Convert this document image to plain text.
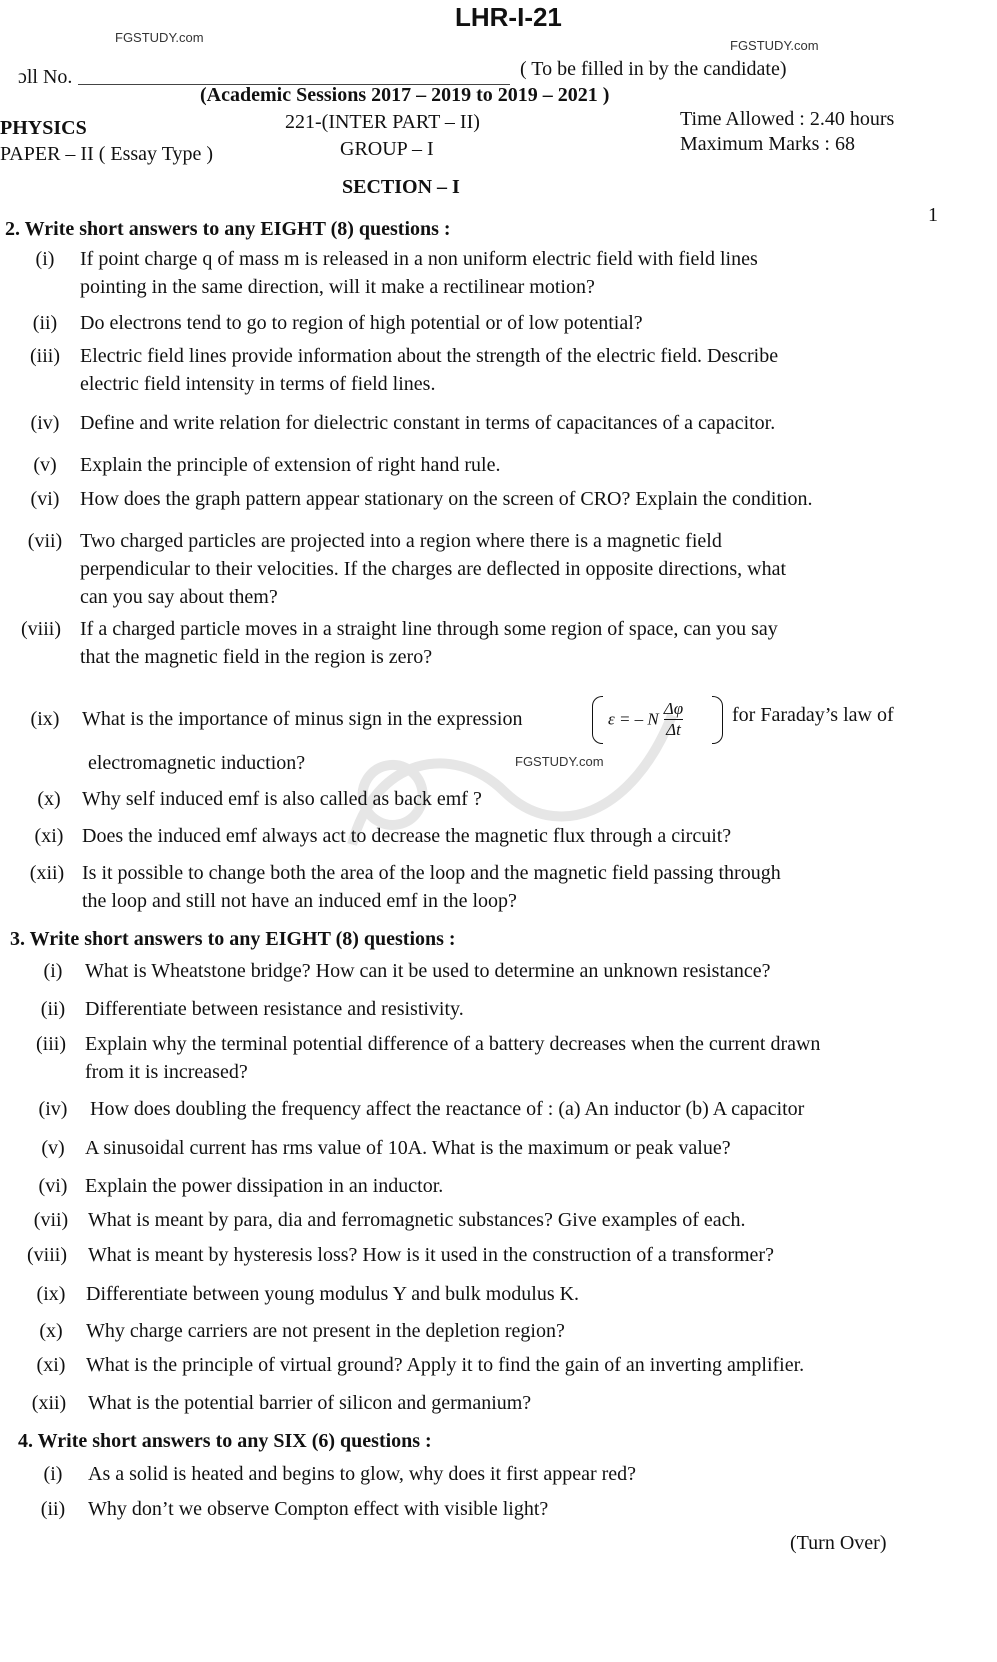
LHR-I-21
FGSTUDY.com
FGSTUDY.com
ɔll No.	( To be filled in by the candidate)
(Academic Sessions 2017 – 2019 to 2019 – 2021 )
PHYSICS
PAPER – II ( Essay Type )
221-(INTER PART – II)
GROUP – I
Time Allowed : 2.40 hours
Maximum Marks : 68
SECTION – I
1
2. Write short answers to any EIGHT (8) questions :
(i)	If point charge q of mass m is released in a non uniform electric field with field lines
pointing in the same direction, will it make a rectilinear motion?
(ii)	Do electrons tend to go to region of high potential or of low potential?
(iii)	Electric field lines provide information about the strength of the electric field. Describe
electric field intensity in terms of field lines.
(iv)	Define and write relation for dielectric constant in terms of capacitances of a capacitor.
(v)	Explain the principle of extension of right hand rule.
(vi)	How does the graph pattern appear stationary on the screen of CRO? Explain the condition.
(vii) Two charged particles are projected into a region where there is a magnetic field
perpendicular to their velocities. If the charges are deflected in opposite directions, what
can you say about them?
(viii) If a charged particle moves in a straight line through some region of space, can you say
that the magnetic field in the region is zero?
(ix)	What is the importance of minus sign in the expression	ε = – N $\frac{\Delta\varphi}{\Delta t}$ for Faraday’s law of
electromagnetic induction?	FGSTUDY.com
(x)	Why self induced emf is also called as back emf ?
(xi) Does the induced emf always act to decrease the magnetic flux through a circuit?
(xii) Is it possible to change both the area of the loop and the magnetic field passing through
the loop and still not have an induced emf in the loop?
3. Write short answers to any EIGHT (8) questions :
(i)	What is Wheatstone bridge? How can it be used to determine an unknown resistance?
(ii) Differentiate between resistance and resistivity.
(iii) Explain why the terminal potential difference of a battery decreases when the current drawn
from it is increased?
(iv)	How does doubling the frequency affect the reactance of : (a) An inductor (b) A capacitor
(v)	A sinusoidal current has rms value of 10A. What is the maximum or peak value?
(vi) Explain the power dissipation in an inductor.
(vii) What is meant by para, dia and ferromagnetic substances? Give examples of each.
(viii)	What is meant by hysteresis loss? How is it used in the construction of a transformer?
(ix)	Differentiate between young modulus Y and bulk modulus K.
(x)	Why charge carriers are not present in the depletion region?
(xi)	What is the principle of virtual ground? Apply it to find the gain of an inverting amplifier.
(xii)	What is the potential barrier of silicon and germanium?
4. Write short answers to any SIX (6) questions :
(i)	As a solid is heated and begins to glow, why does it first appear red?
(ii)	Why don’t we observe Compton effect with visible light?
(Turn Over)
